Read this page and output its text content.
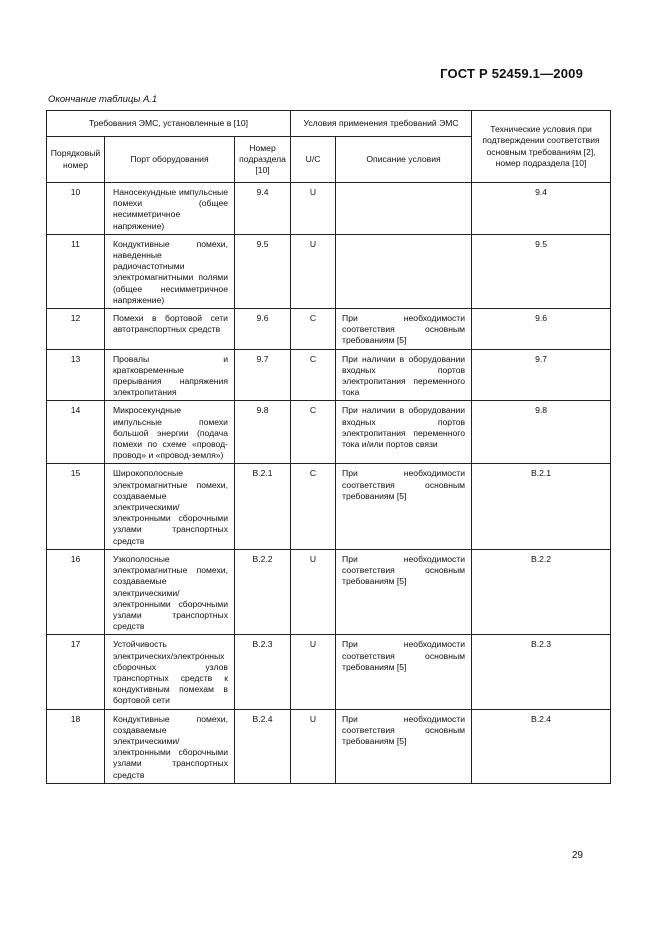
ГОСТ Р 52459.1—2009
Окончание таблицы А.1
Требования ЭМС, установленные в [10]			Условия применения требований ЭМС		Технические условия при подтверждении соответствия основным требованиям [2], номер подраздела [10]
Порядковый номер	Порт оборудования	Номер подраздела [10]	U/C	Описание условия	
10	Наносекундные импульсные помехи (общее несимметричное напряжение)	9.4	U		9.4
11	Кондуктивные помехи, наведенные радиочастотными электромагнитными полями (общее несимметричное напряжение)	9.5	U		9.5
12	Помехи в бортовой сети автотранспортных средств	9.6	C	При необходимости соответствия основным требованиям [5]	9.6
13	Провалы и кратковременные прерывания напряжения электропитания	9.7	C	При наличии в оборудовании входных портов электропитания переменного тока	9.7
14	Микросекундные импульсные помехи большой энергии (подача помехи по схеме «провод-провод» и «провод-земля»)	9.8	C	При наличии в оборудовании входных портов электропитания переменного тока и/или портов связи	9.8
15	Широкополосные электромагнитные помехи, создаваемые электрическими/электронными сборочными узлами транспортных средств	B.2.1	C	При необходимости соответствия основным требованиям [5]	B.2.1
16	Узкополосные электромагнитные помехи, создаваемые электрическими/электронными сборочными узлами транспортных средств	B.2.2	U	При необходимости соответствия основным требованиям [5]	B.2.2
17	Устойчивость электрических/электронных сборочных узлов транспортных средств к кондуктивным помехам в бортовой сети	B.2.3	U	При необходимости соответствия основным требованиям [5]	B.2.3
18	Кондуктивные помехи, создаваемые электрическими/электронными сборочными узлами транспортных средств	B.2.4	U	При необходимости соответствия основным требованиям [5]	B.2.4
29
